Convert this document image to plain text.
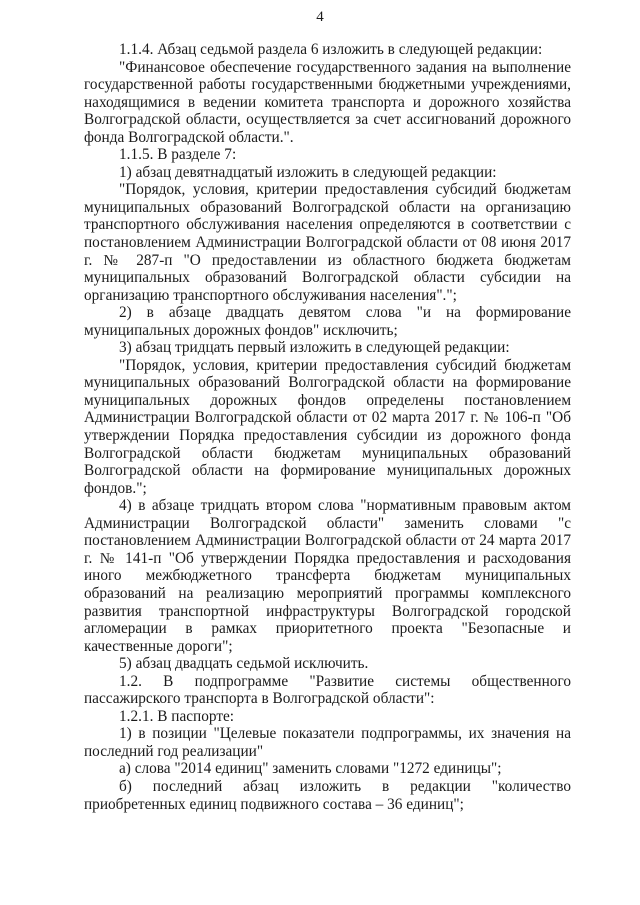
4

1.1.4. Абзац седьмой раздела 6 изложить в следующей редакции:

"Финансовое обеспечение государственного задания на выполнение государственной работы государственными бюджетными учреждениями, находящимися в ведении комитета транспорта и дорожного хозяйства Волгоградской области, осуществляется за счет ассигнований дорожного фонда Волгоградской области.".

1.1.5. В разделе 7:

1) абзац девятнадцатый изложить в следующей редакции:

"Порядок, условия, критерии предоставления субсидий бюджетам муниципальных образований Волгоградской области на организацию транспортного обслуживания населения определяются в соответствии с постановлением Администрации Волгоградской области от 08 июня 2017 г. № 287-п "О предоставлении из областного бюджета бюджетам муниципальных образований Волгоградской области субсидии на организацию транспортного обслуживания населения".";

2) в абзаце двадцать девятом слова "и на формирование муниципальных дорожных фондов" исключить;

3) абзац тридцать первый изложить в следующей редакции:

"Порядок, условия, критерии предоставления субсидий бюджетам муниципальных образований Волгоградской области на формирование муниципальных дорожных фондов определены постановлением Администрации Волгоградской области от 02 марта 2017 г. № 106-п "Об утверждении Порядка предоставления субсидии из дорожного фонда Волгоградской области бюджетам муниципальных образований Волгоградской области на формирование муниципальных дорожных фондов.";

4) в абзаце тридцать втором слова "нормативным правовым актом Администрации Волгоградской области" заменить словами "с постановлением Администрации Волгоградской области от 24 марта 2017 г. № 141-п "Об утверждении Порядка предоставления и расходования иного межбюджетного трансферта бюджетам муниципальных образований на реализацию мероприятий программы комплексного развития транспортной инфраструктуры Волгоградской городской агломерации в рамках приоритетного проекта "Безопасные и качественные дороги";

5) абзац двадцать седьмой исключить.

1.2. В подпрограмме "Развитие системы общественного пассажирского транспорта в Волгоградской области":

1.2.1. В паспорте:

1) в позиции "Целевые показатели подпрограммы, их значения на последний год реализации"

а) слова "2014 единиц" заменить словами "1272 единицы";

б) последний абзац изложить в редакции "количество приобретенных единиц подвижного состава – 36 единиц";
